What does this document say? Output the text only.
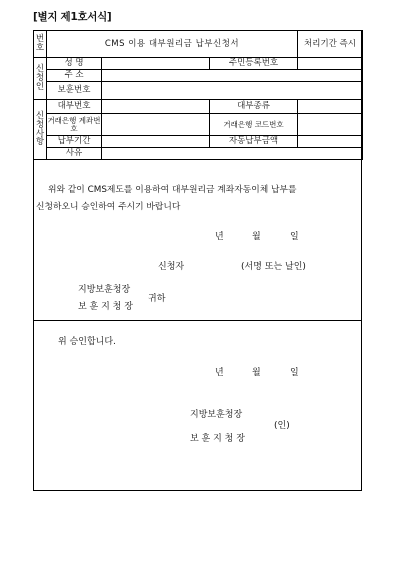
[별지 제1호서식]
번 호	CMS 이용 대부원리금 납부신청서			처리기간 즉시
신 청 인	성 명		주민등록번호	
	주 소			
	보훈번호			
신 청 사 항	대부번호		대부종류	
	거래은행 계좌번호		거래은행 코드번호	
	납부기간		자동납부금액	
	사유			
위와 같이 CMS제도를 이용하여 대부원리금 계좌자동이체 납부를
신청하오니 승인하여 주시기 바랍니다
년	월	일
신청자	(서명 또는 날인)
지방보훈청장
보 훈 지 청 장
귀하
위 승인합니다.
년	월	일
지방보훈청장
보 훈 지 청 장
(인)
